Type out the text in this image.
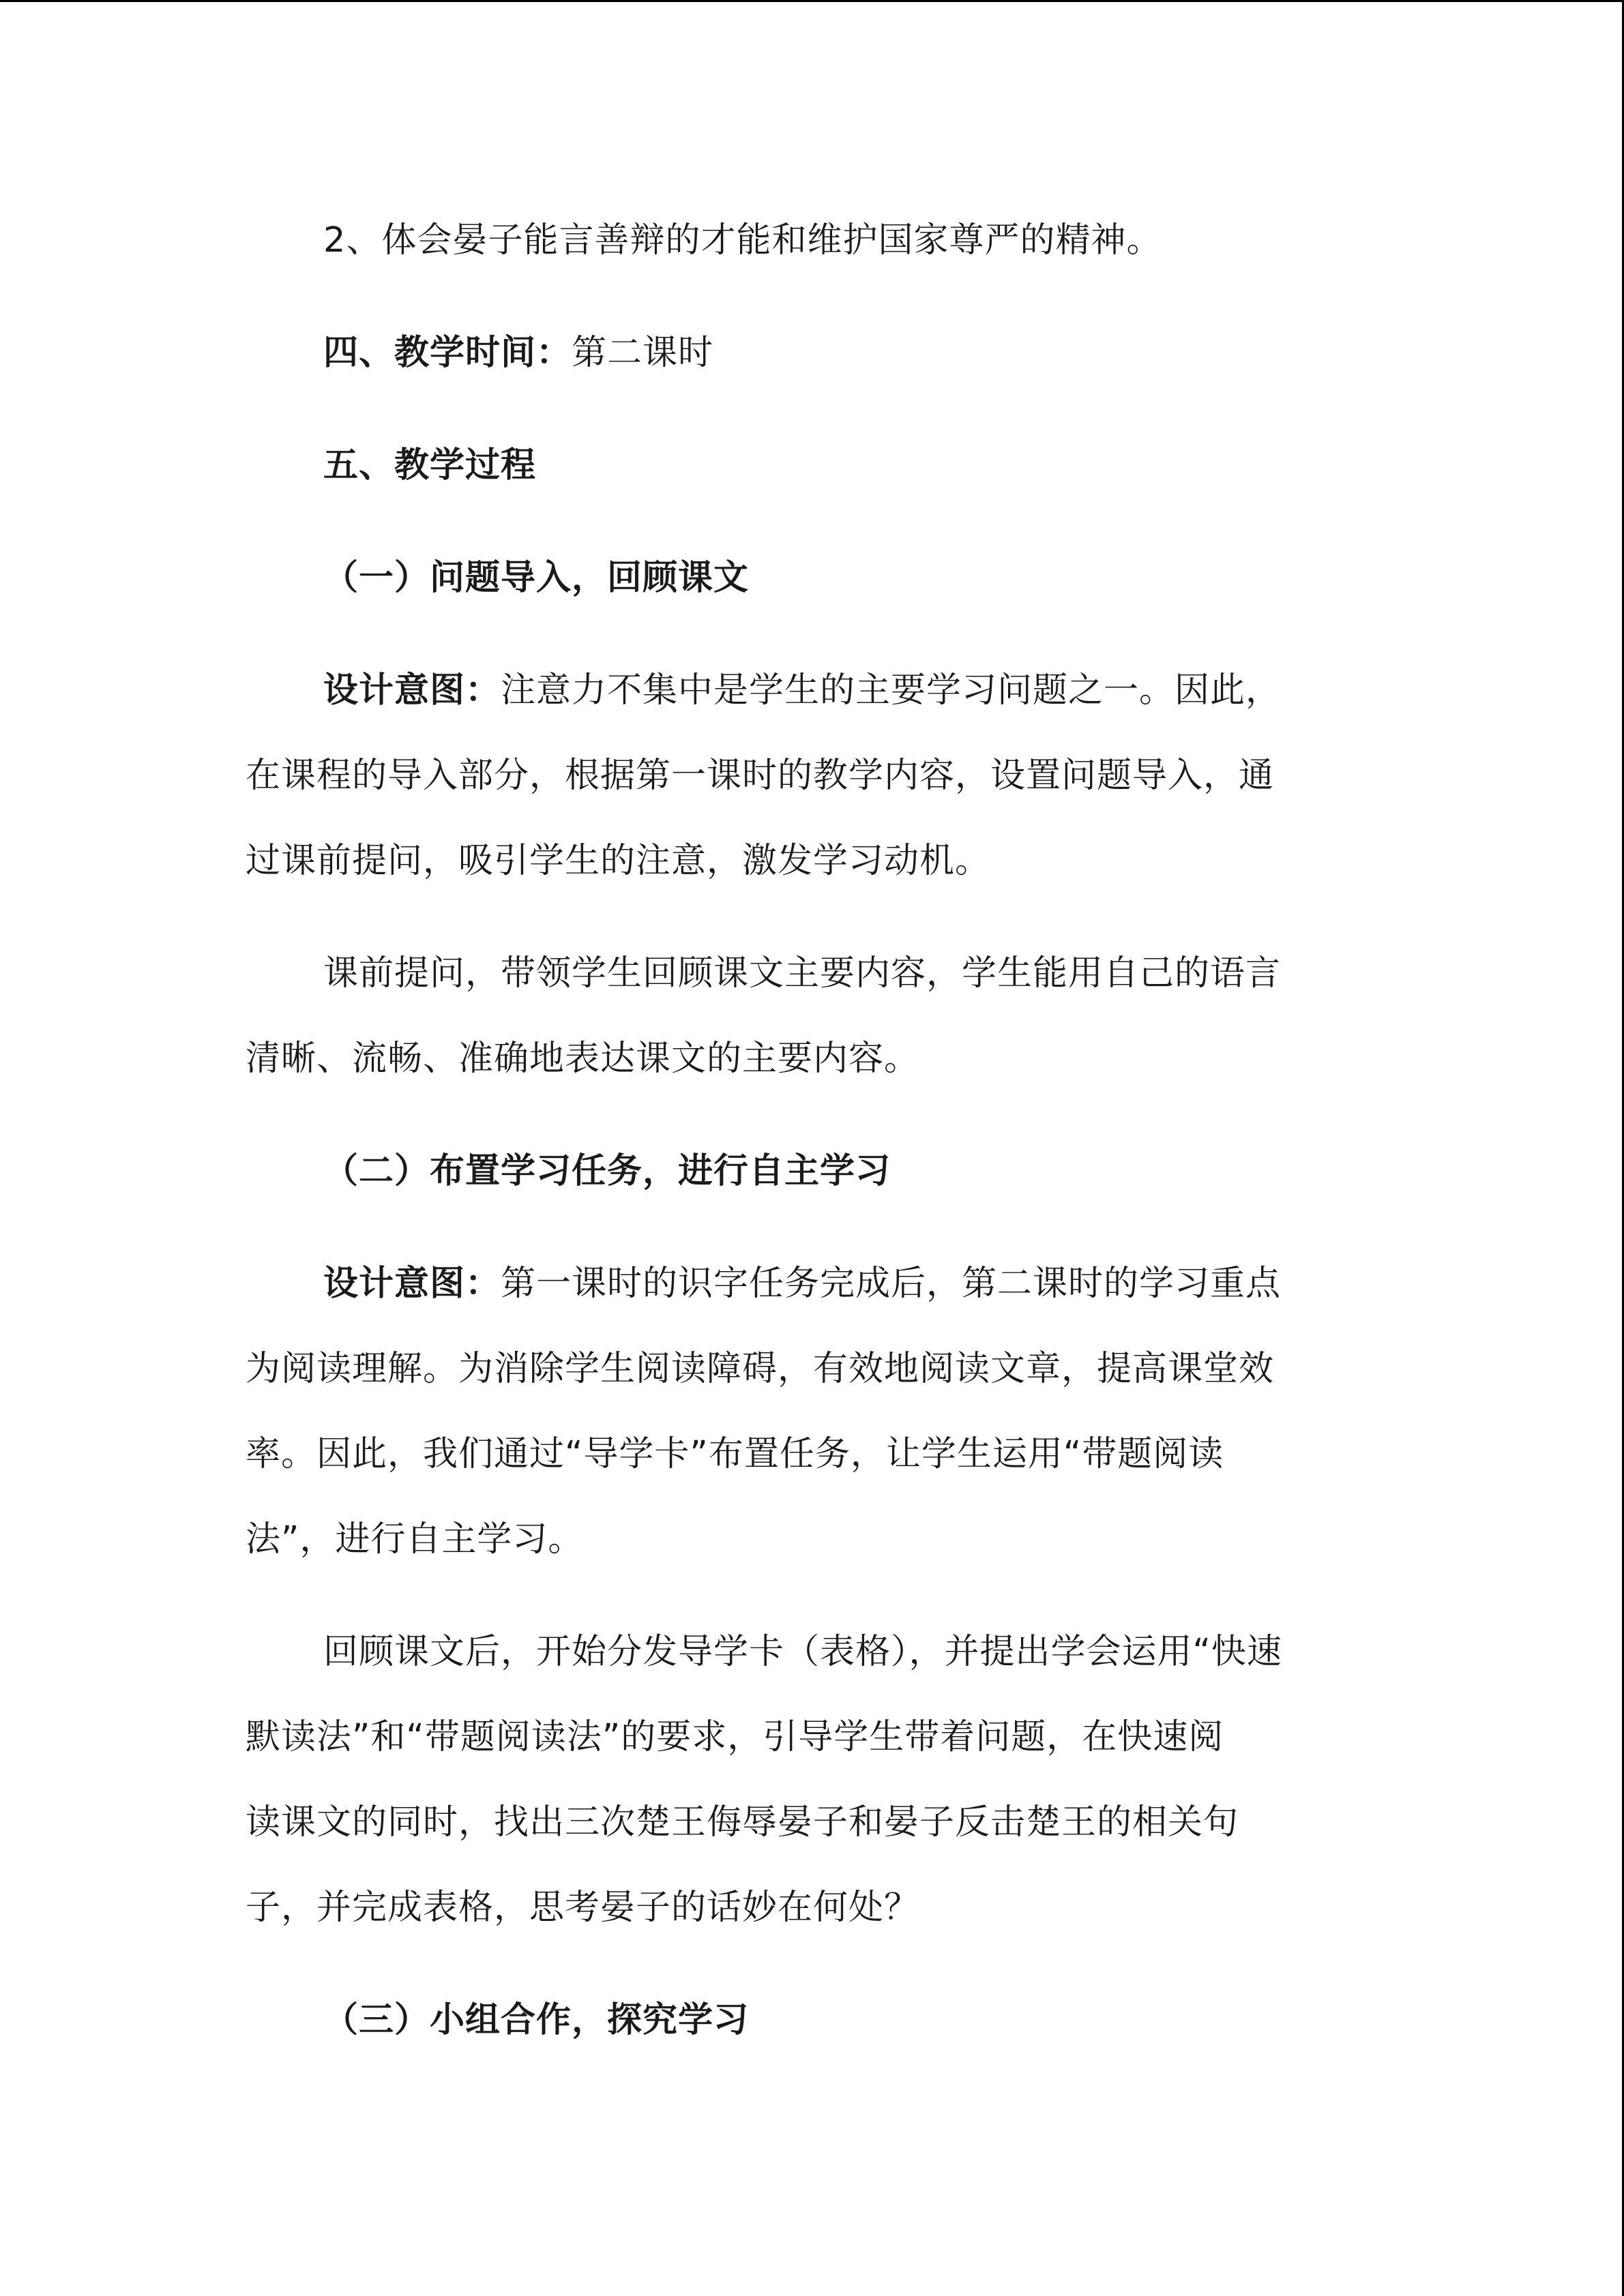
2、体会晏子能言善辩的才能和维护国家尊严的精神。
四、教学时间：第二课时
五、教学过程
（一）问题导入，回顾课文
设计意图：注意力不集中是学生的主要学习问题之一。因此，
在课程的导入部分，根据第一课时的教学内容，设置问题导入，通
过课前提问，吸引学生的注意，激发学习动机。
课前提问，带领学生回顾课文主要内容，学生能用自己的语言
清晰、流畅、准确地表达课文的主要内容。
（二）布置学习任务，进行自主学习
设计意图：第一课时的识字任务完成后，第二课时的学习重点
为阅读理解。为消除学生阅读障碍，有效地阅读文章，提高课堂效
率。因此，我们通过“导学卡”布置任务，让学生运用“带题阅读
法”，进行自主学习。
回顾课文后，开始分发导学卡（表格），并提出学会运用“快速
默读法”和“带题阅读法”的要求，引导学生带着问题，在快速阅
读课文的同时，找出三次楚王侮辱晏子和晏子反击楚王的相关句
子，并完成表格，思考晏子的话妙在何处？
（三）小组合作，探究学习
